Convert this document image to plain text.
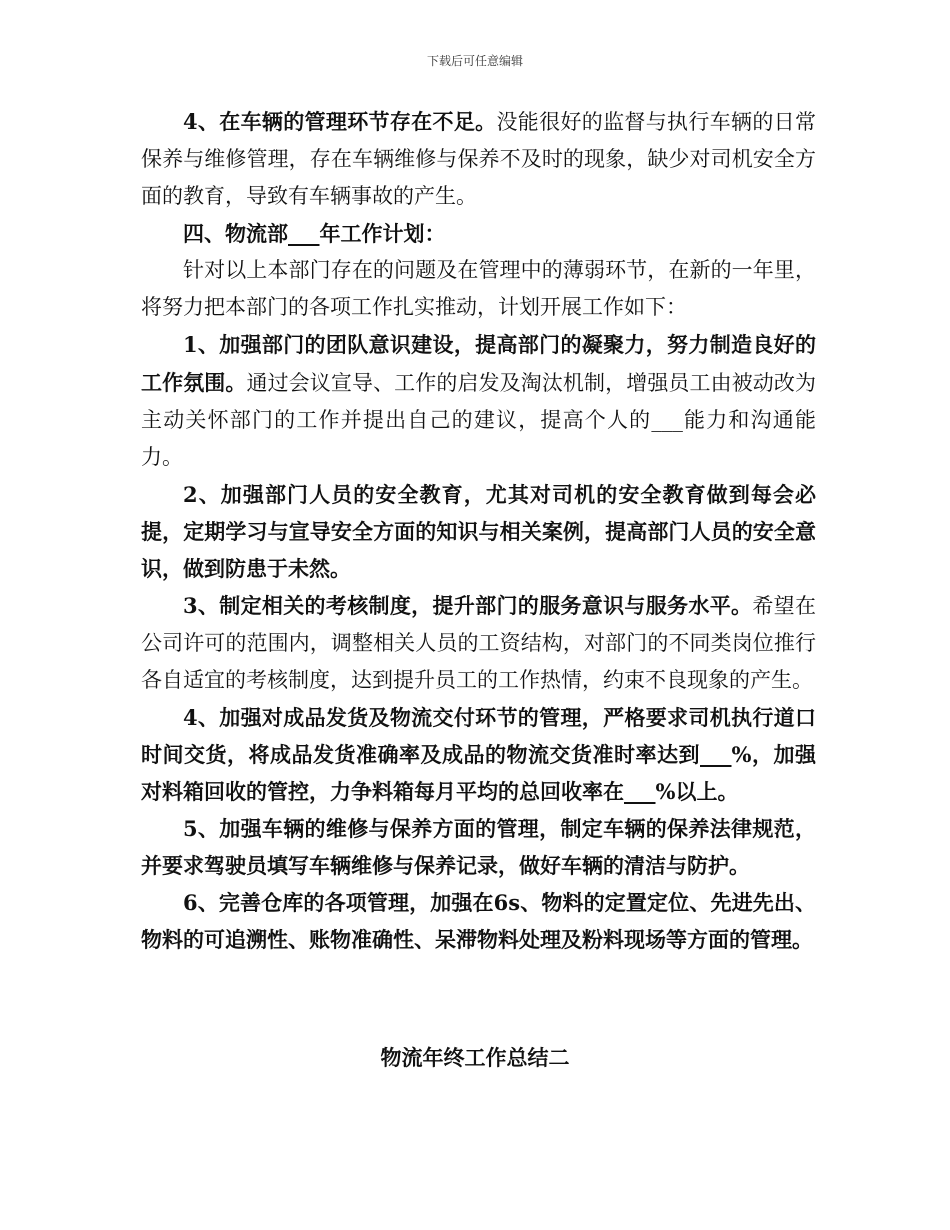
下载后可任意编辑

4、在车辆的管理环节存在不足。没能很好的监督与执行车辆的日常保养与维修管理，存在车辆维修与保养不及时的现象，缺少对司机安全方面的教育，导致有车辆事故的产生。

四、物流部___年工作计划：

针对以上本部门存在的问题及在管理中的薄弱环节，在新的一年里，将努力把本部门的各项工作扎实推动，计划开展工作如下：

1、加强部门的团队意识建设，提高部门的凝聚力，努力制造良好的工作氛围。通过会议宣导、工作的启发及淘汰机制，增强员工由被动改为主动关怀部门的工作并提出自己的建议，提高个人的___能力和沟通能力。

2、加强部门人员的安全教育，尤其对司机的安全教育做到每会必提，定期学习与宣导安全方面的知识与相关案例，提高部门人员的安全意识，做到防患于未然。

3、制定相关的考核制度，提升部门的服务意识与服务水平。希望在公司许可的范围内，调整相关人员的工资结构，对部门的不同类岗位推行各自适宜的考核制度，达到提升员工的工作热情，约束不良现象的产生。

4、加强对成品发货及物流交付环节的管理，严格要求司机执行道口时间交货，将成品发货准确率及成品的物流交货准时率达到___%，加强对料箱回收的管控，力争料箱每月平均的总回收率在___%以上。

5、加强车辆的维修与保养方面的管理，制定车辆的保养法律规范，并要求驾驶员填写车辆维修与保养记录，做好车辆的清洁与防护。

6、完善仓库的各项管理，加强在6s、物料的定置定位、先进先出、物料的可追溯性、账物准确性、呆滞物料处理及粉料现场等方面的管理。

物流年终工作总结二
